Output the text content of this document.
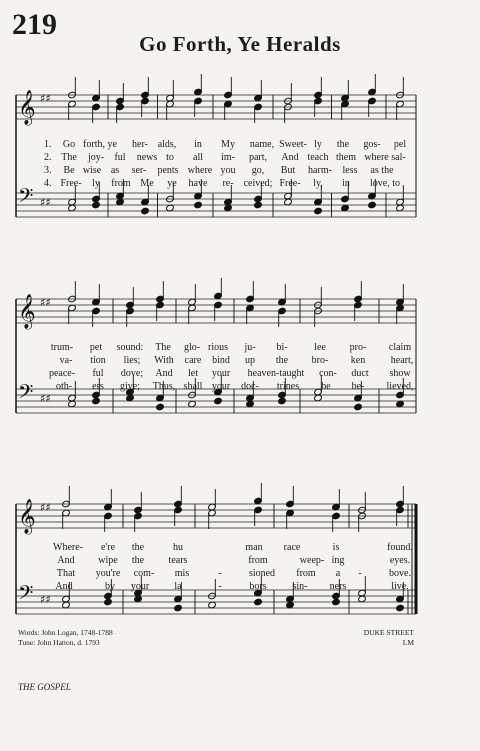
219
Go Forth, Ye Heralds
𝄞 ♯♯
𝄢 ♯♯
1. Go forth, ye her- alds, in My name, Sweet- ly the gos- pel
2. The joy- ful news to all im- part, And teach them where sal-
3. Be wise as ser- pents where you go, But harm- less as the
4. Free- ly from Me ye have re- ceived; Free- ly, in love, to
𝄞 ♯♯
𝄢 ♯♯
trum- pet sound: The glo- rious ju- bi-	lee pro- claim
va- tion lies; With care bind up the bro- ken	heart,
peace- ful dove; And let your heaven-taught con- duct show
oth- ers give; Thus, shall your doc- trines be be- lieved,
𝄞 ♯♯
𝄢 ♯♯
Where- e're the	hu	man race	is	found.
And wipe the tears	from	weep- ing	eyes.
That you're com- mis	-	sioned from a -	bove.
And	by your	la	-	bors	sin- ners	live.
Words: John Logan, 1748-1788
Tune: John Hatton, d. 1793
DUKE STREET
LM
THE GOSPEL
